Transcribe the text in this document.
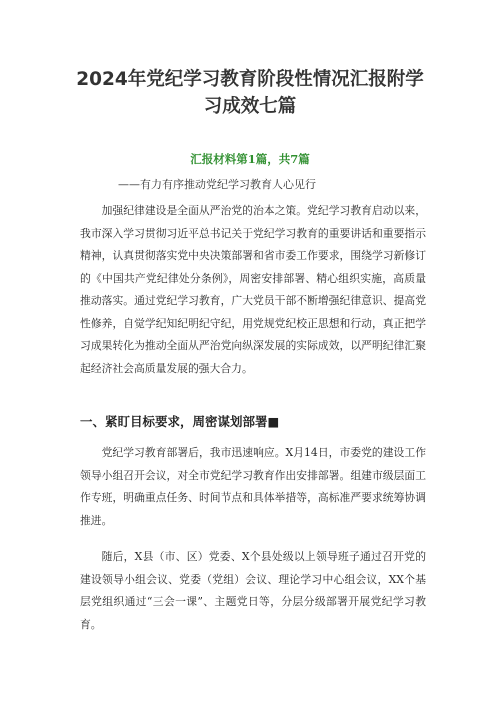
2024年党纪学习教育阶段性情况汇报附学习成效七篇
汇报材料第1篇，共7篇
——有力有序推动党纪学习教育人心见行

加强纪律建设是全面从严治党的治本之策。党纪学习教育启动以来，我市深入学习贯彻习近平总书记关于党纪学习教育的重要讲话和重要指示精神，认真贯彻落实党中央决策部署和省市委工作要求，围绕学习新修订的《中国共产党纪律处分条例》，周密安排部署、精心组织实施，高质量推动落实。通过党纪学习教育，广大党员干部不断增强纪律意识、提高党性修养，自觉学纪知纪明纪守纪，用党规党纪校正思想和行动，真正把学习成果转化为推动全面从严治党向纵深发展的实际成效，以严明纪律汇聚起经济社会高质量发展的强大合力。

一、紧盯目标要求，周密谋划部署■

党纪学习教育部署后，我市迅速响应。X月14日，市委党的建设工作领导小组召开会议，对全市党纪学习教育作出安排部署。组建市级层面工作专班，明确重点任务、时间节点和具体举措等，高标准严要求统筹协调推进。

随后，X县（市、区）党委、X个县处级以上领导班子通过召开党的建设领导小组会议、党委（党组）会议、理论学习中心组会议，XX个基层党组织通过“三会一课”、主题党日等，分层分级部署开展党纪学习教育。
